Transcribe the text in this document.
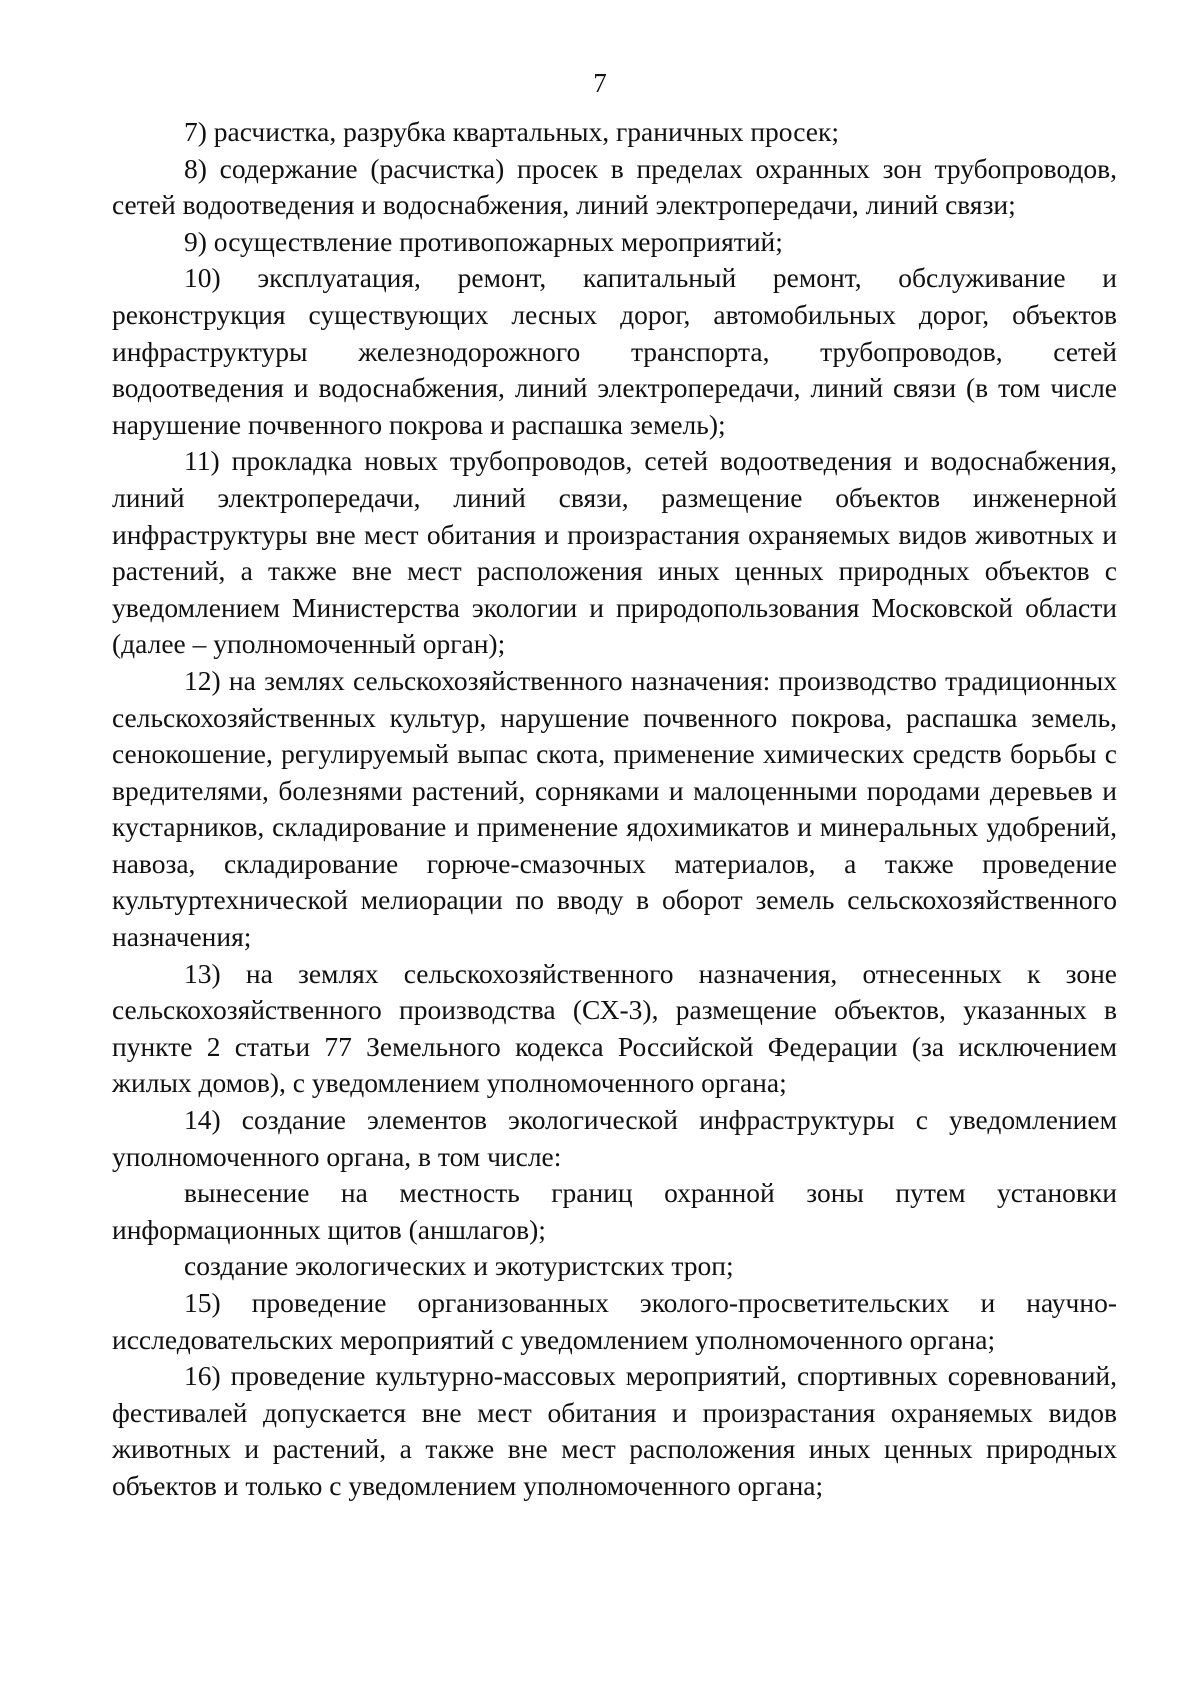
7

7) расчистка, разрубка квартальных, граничных просек;

8) содержание (расчистка) просек в пределах охранных зон трубопроводов, сетей водоотведения и водоснабжения, линий электропередачи, линий связи;

9) осуществление противопожарных мероприятий;

10) эксплуатация, ремонт, капитальный ремонт, обслуживание и реконструкция существующих лесных дорог, автомобильных дорог, объектов инфраструктуры железнодорожного транспорта, трубопроводов, сетей водоотведения и водоснабжения, линий электропередачи, линий связи (в том числе нарушение почвенного покрова и распашка земель);

11) прокладка новых трубопроводов, сетей водоотведения и водоснабжения, линий электропередачи, линий связи, размещение объектов инженерной инфраструктуры вне мест обитания и произрастания охраняемых видов животных и растений, а также вне мест расположения иных ценных природных объектов с уведомлением Министерства экологии и природопользования Московской области (далее – уполномоченный орган);

12) на землях сельскохозяйственного назначения: производство традиционных сельскохозяйственных культур, нарушение почвенного покрова, распашка земель, сенокошение, регулируемый выпас скота, применение химических средств борьбы с вредителями, болезнями растений, сорняками и малоценными породами деревьев и кустарников, складирование и применение ядохимикатов и минеральных удобрений, навоза, складирование горюче-смазочных материалов, а также проведение культуртехнической мелиорации по вводу в оборот земель сельскохозяйственного назначения;

13) на землях сельскохозяйственного назначения, отнесенных к зоне сельскохозяйственного производства (СХ-3), размещение объектов, указанных в пункте 2 статьи 77 Земельного кодекса Российской Федерации (за исключением жилых домов), с уведомлением уполномоченного органа;

14) создание элементов экологической инфраструктуры с уведомлением уполномоченного органа, в том числе:

вынесение на местность границ охранной зоны путем установки информационных щитов (аншлагов);

создание экологических и экотуристских троп;

15) проведение организованных эколого-просветительских и научно-исследовательских мероприятий с уведомлением уполномоченного органа;

16) проведение культурно-массовых мероприятий, спортивных соревнований, фестивалей допускается вне мест обитания и произрастания охраняемых видов животных и растений, а также вне мест расположения иных ценных природных объектов и только с уведомлением уполномоченного органа;
